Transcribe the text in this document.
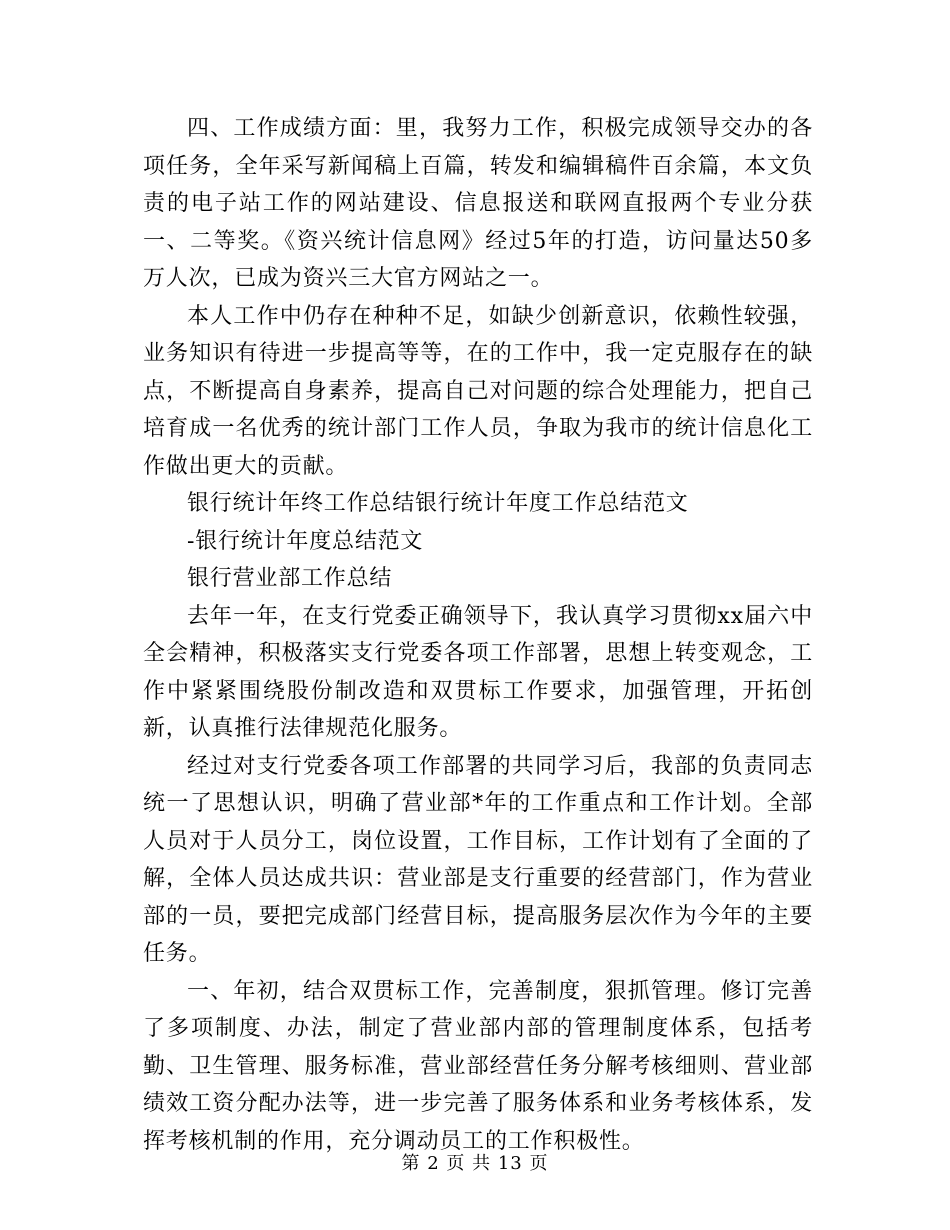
四、工作成绩方面：里，我努力工作，积极完成领导交办的各项任务，全年采写新闻稿上百篇，转发和编辑稿件百余篇，本文负责的电子站工作的网站建设、信息报送和联网直报两个专业分获一、二等奖。《资兴统计信息网》经过5年的打造，访问量达50多万人次，已成为资兴三大官方网站之一。

本人工作中仍存在种种不足，如缺少创新意识，依赖性较强，业务知识有待进一步提高等等，在的工作中，我一定克服存在的缺点，不断提高自身素养，提高自己对问题的综合处理能力，把自己培育成一名优秀的统计部门工作人员，争取为我市的统计信息化工作做出更大的贡献。

银行统计年终工作总结银行统计年度工作总结范文

-银行统计年度总结范文

银行营业部工作总结

去年一年，在支行党委正确领导下，我认真学习贯彻xx届六中全会精神，积极落实支行党委各项工作部署，思想上转变观念，工作中紧紧围绕股份制改造和双贯标工作要求，加强管理，开拓创新，认真推行法律规范化服务。

经过对支行党委各项工作部署的共同学习后，我部的负责同志统一了思想认识，明确了营业部*年的工作重点和工作计划。全部人员对于人员分工，岗位设置，工作目标，工作计划有了全面的了解，全体人员达成共识：营业部是支行重要的经营部门，作为营业部的一员，要把完成部门经营目标，提高服务层次作为今年的主要任务。

一、年初，结合双贯标工作，完善制度，狠抓管理。修订完善了多项制度、办法，制定了营业部内部的管理制度体系，包括考勤、卫生管理、服务标准，营业部经营任务分解考核细则、营业部绩效工资分配办法等，进一步完善了服务体系和业务考核体系，发挥考核机制的作用，充分调动员工的工作积极性。

第 2 页 共 13 页
